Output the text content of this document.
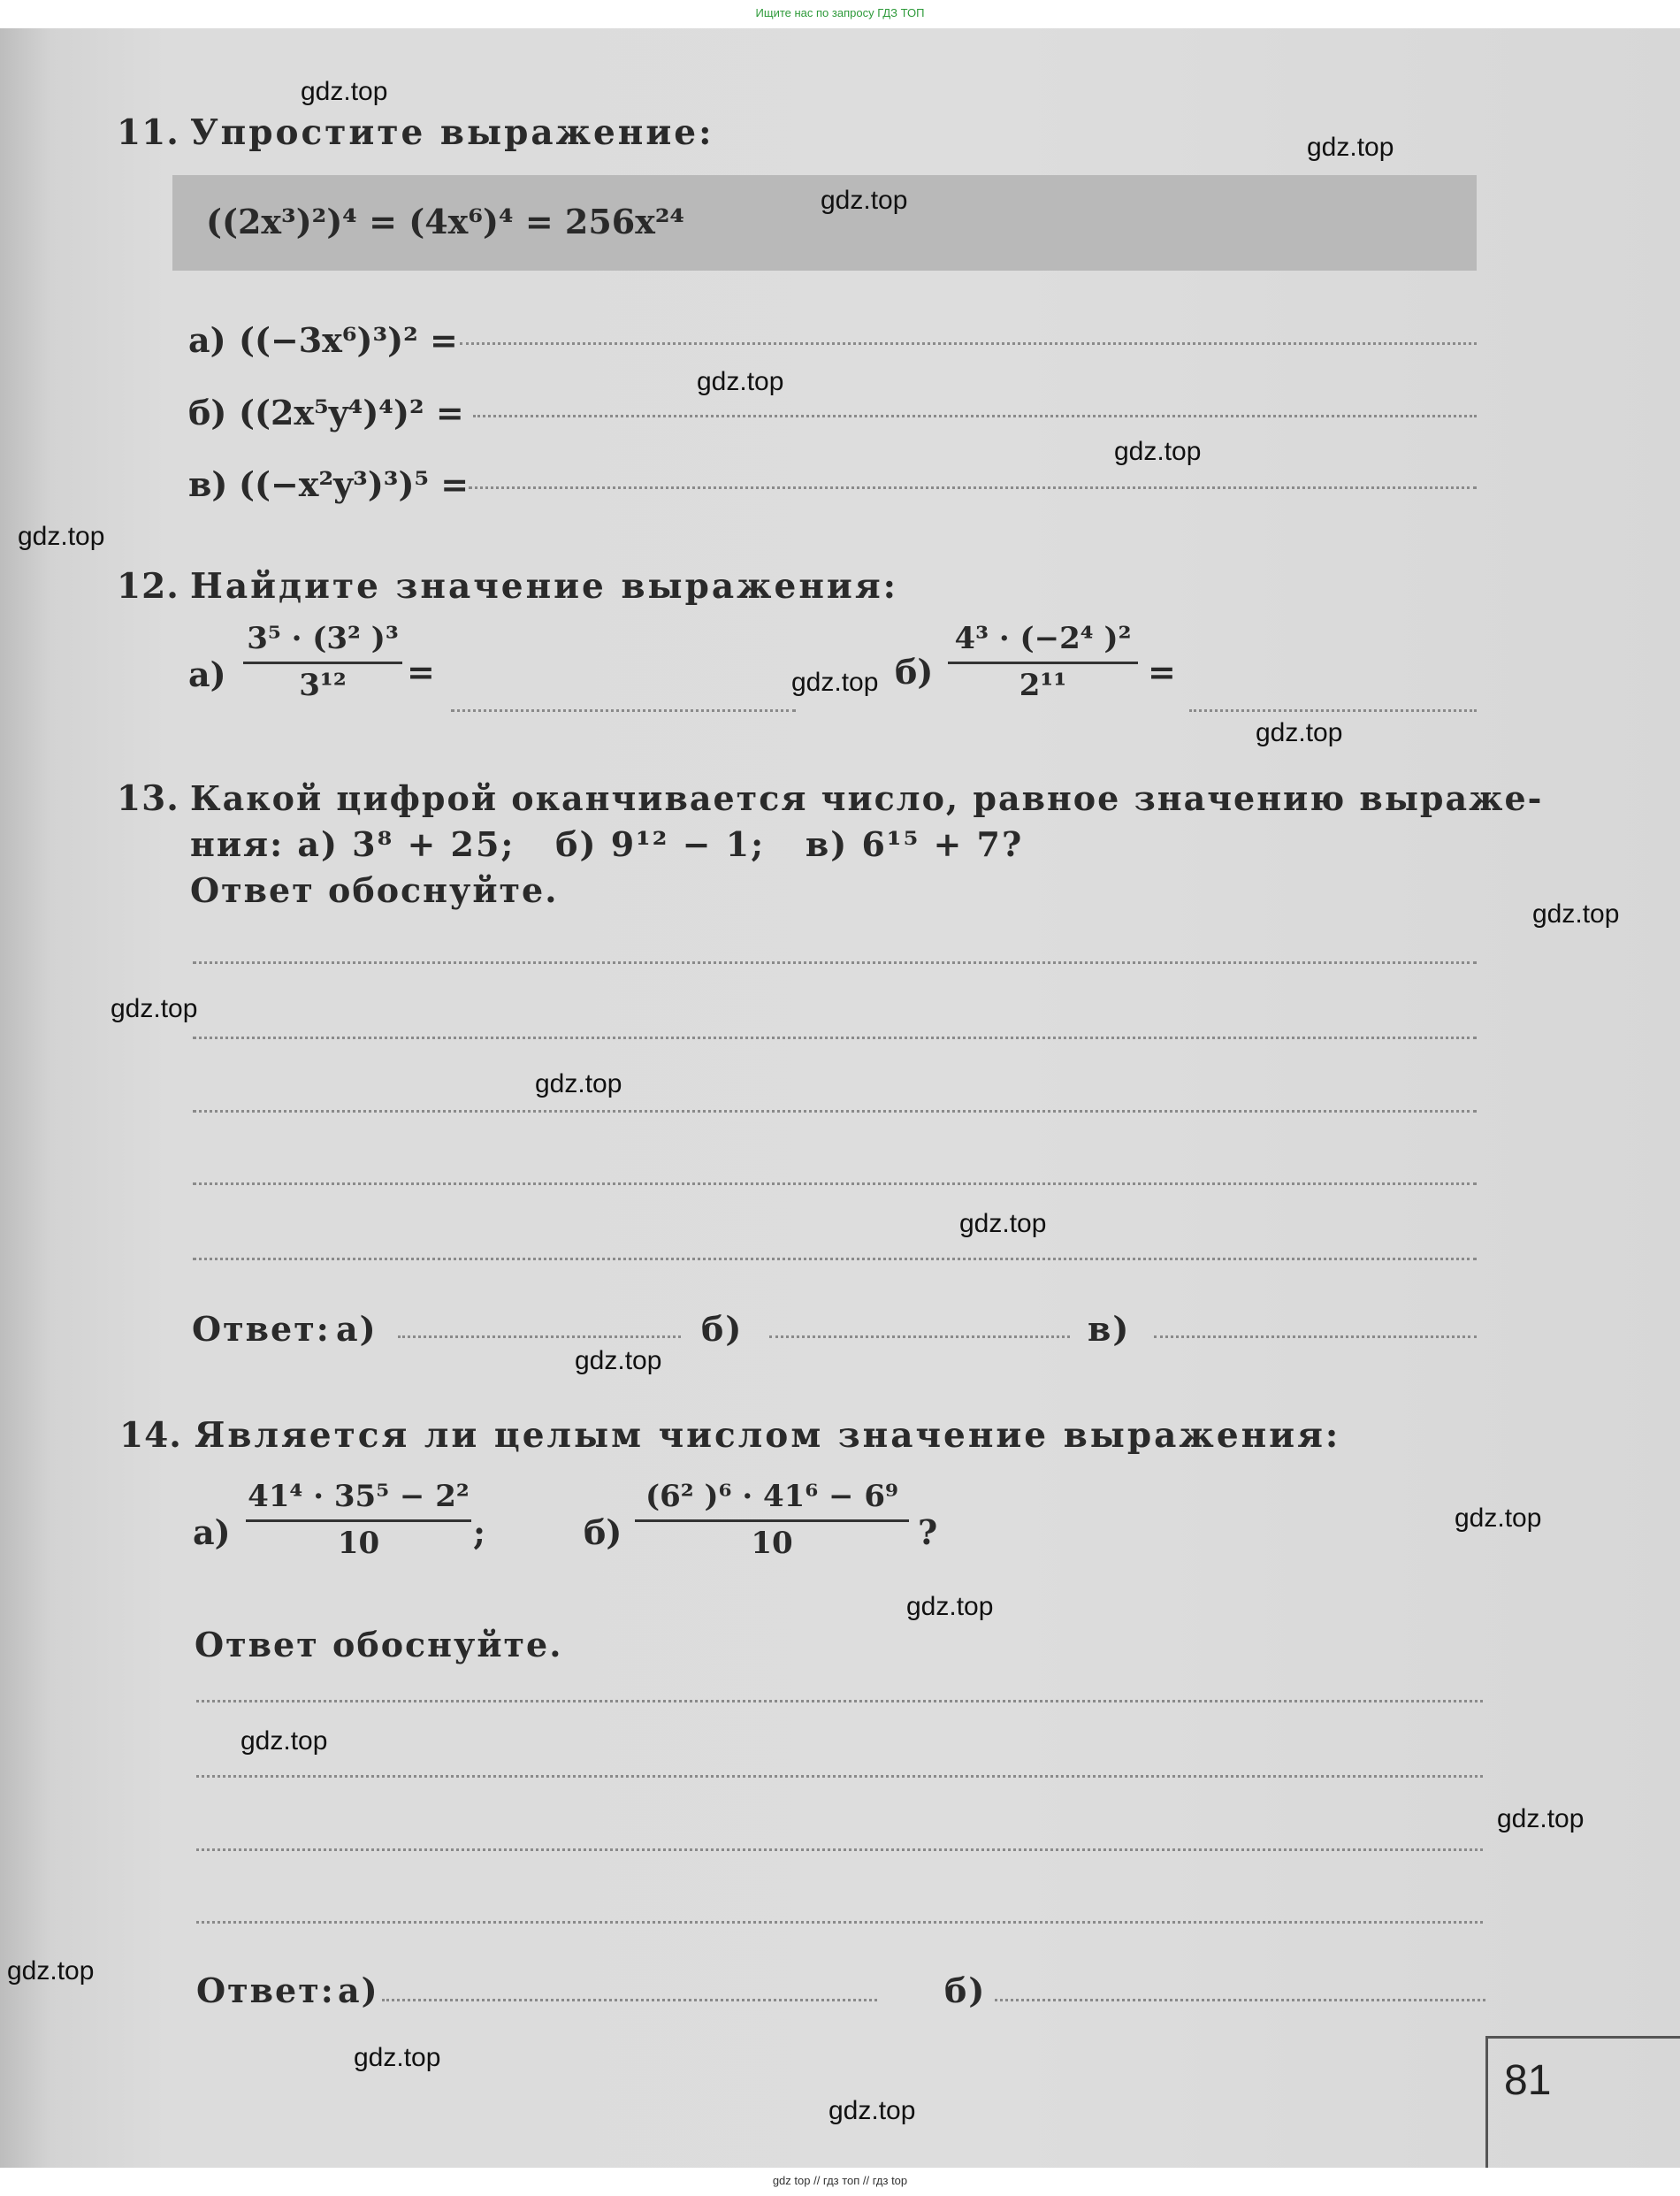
Ищите нас по запросу ГДЗ ТОП
11. Упростите выражение:
((2x³)²)⁴ = (4x⁶)⁴ = 256x²⁴
а) ((−3x⁶)³)² =
б) ((2x⁵y⁴)⁴)² =
в) ((−x²y³)³)⁵ =
12. Найдите значение выражения:
$а) \frac{\text{3⁵ · (3² )³}}{\text{3¹²}}$ =	$б) \frac{\text{4³ · (−2⁴ )²}}{\text{2¹¹}}$ =
13. Какой цифрой оканчивается число, равное значению выраже-
ния: а) 3⁸ + 25;   б) 9¹² − 1;   в) 6¹⁵ + 7?
Ответ обоснуйте.
Ответ: а)	б)	в)
14. Является ли целым числом значение выражения:
$а) \frac{\text{41⁴ · 35⁵ − 2²}}{10}$ ;	$б) \frac{\text{(6² )⁶ · 41⁶ − 6⁹}}{10}$ ?
Ответ обоснуйте.
Ответ: а)	б)
81
gdz.top
gdz.top
gdz.top
gdz.top
gdz.top
gdz.top
gdz.top
gdz.top
gdz.top
gdz.top
gdz.top
gdz.top
gdz.top
gdz.top
gdz.top
gdz.top
gdz.top
gdz.top
gdz.top
gdz.top
gdz top // гдз топ // гдз top
